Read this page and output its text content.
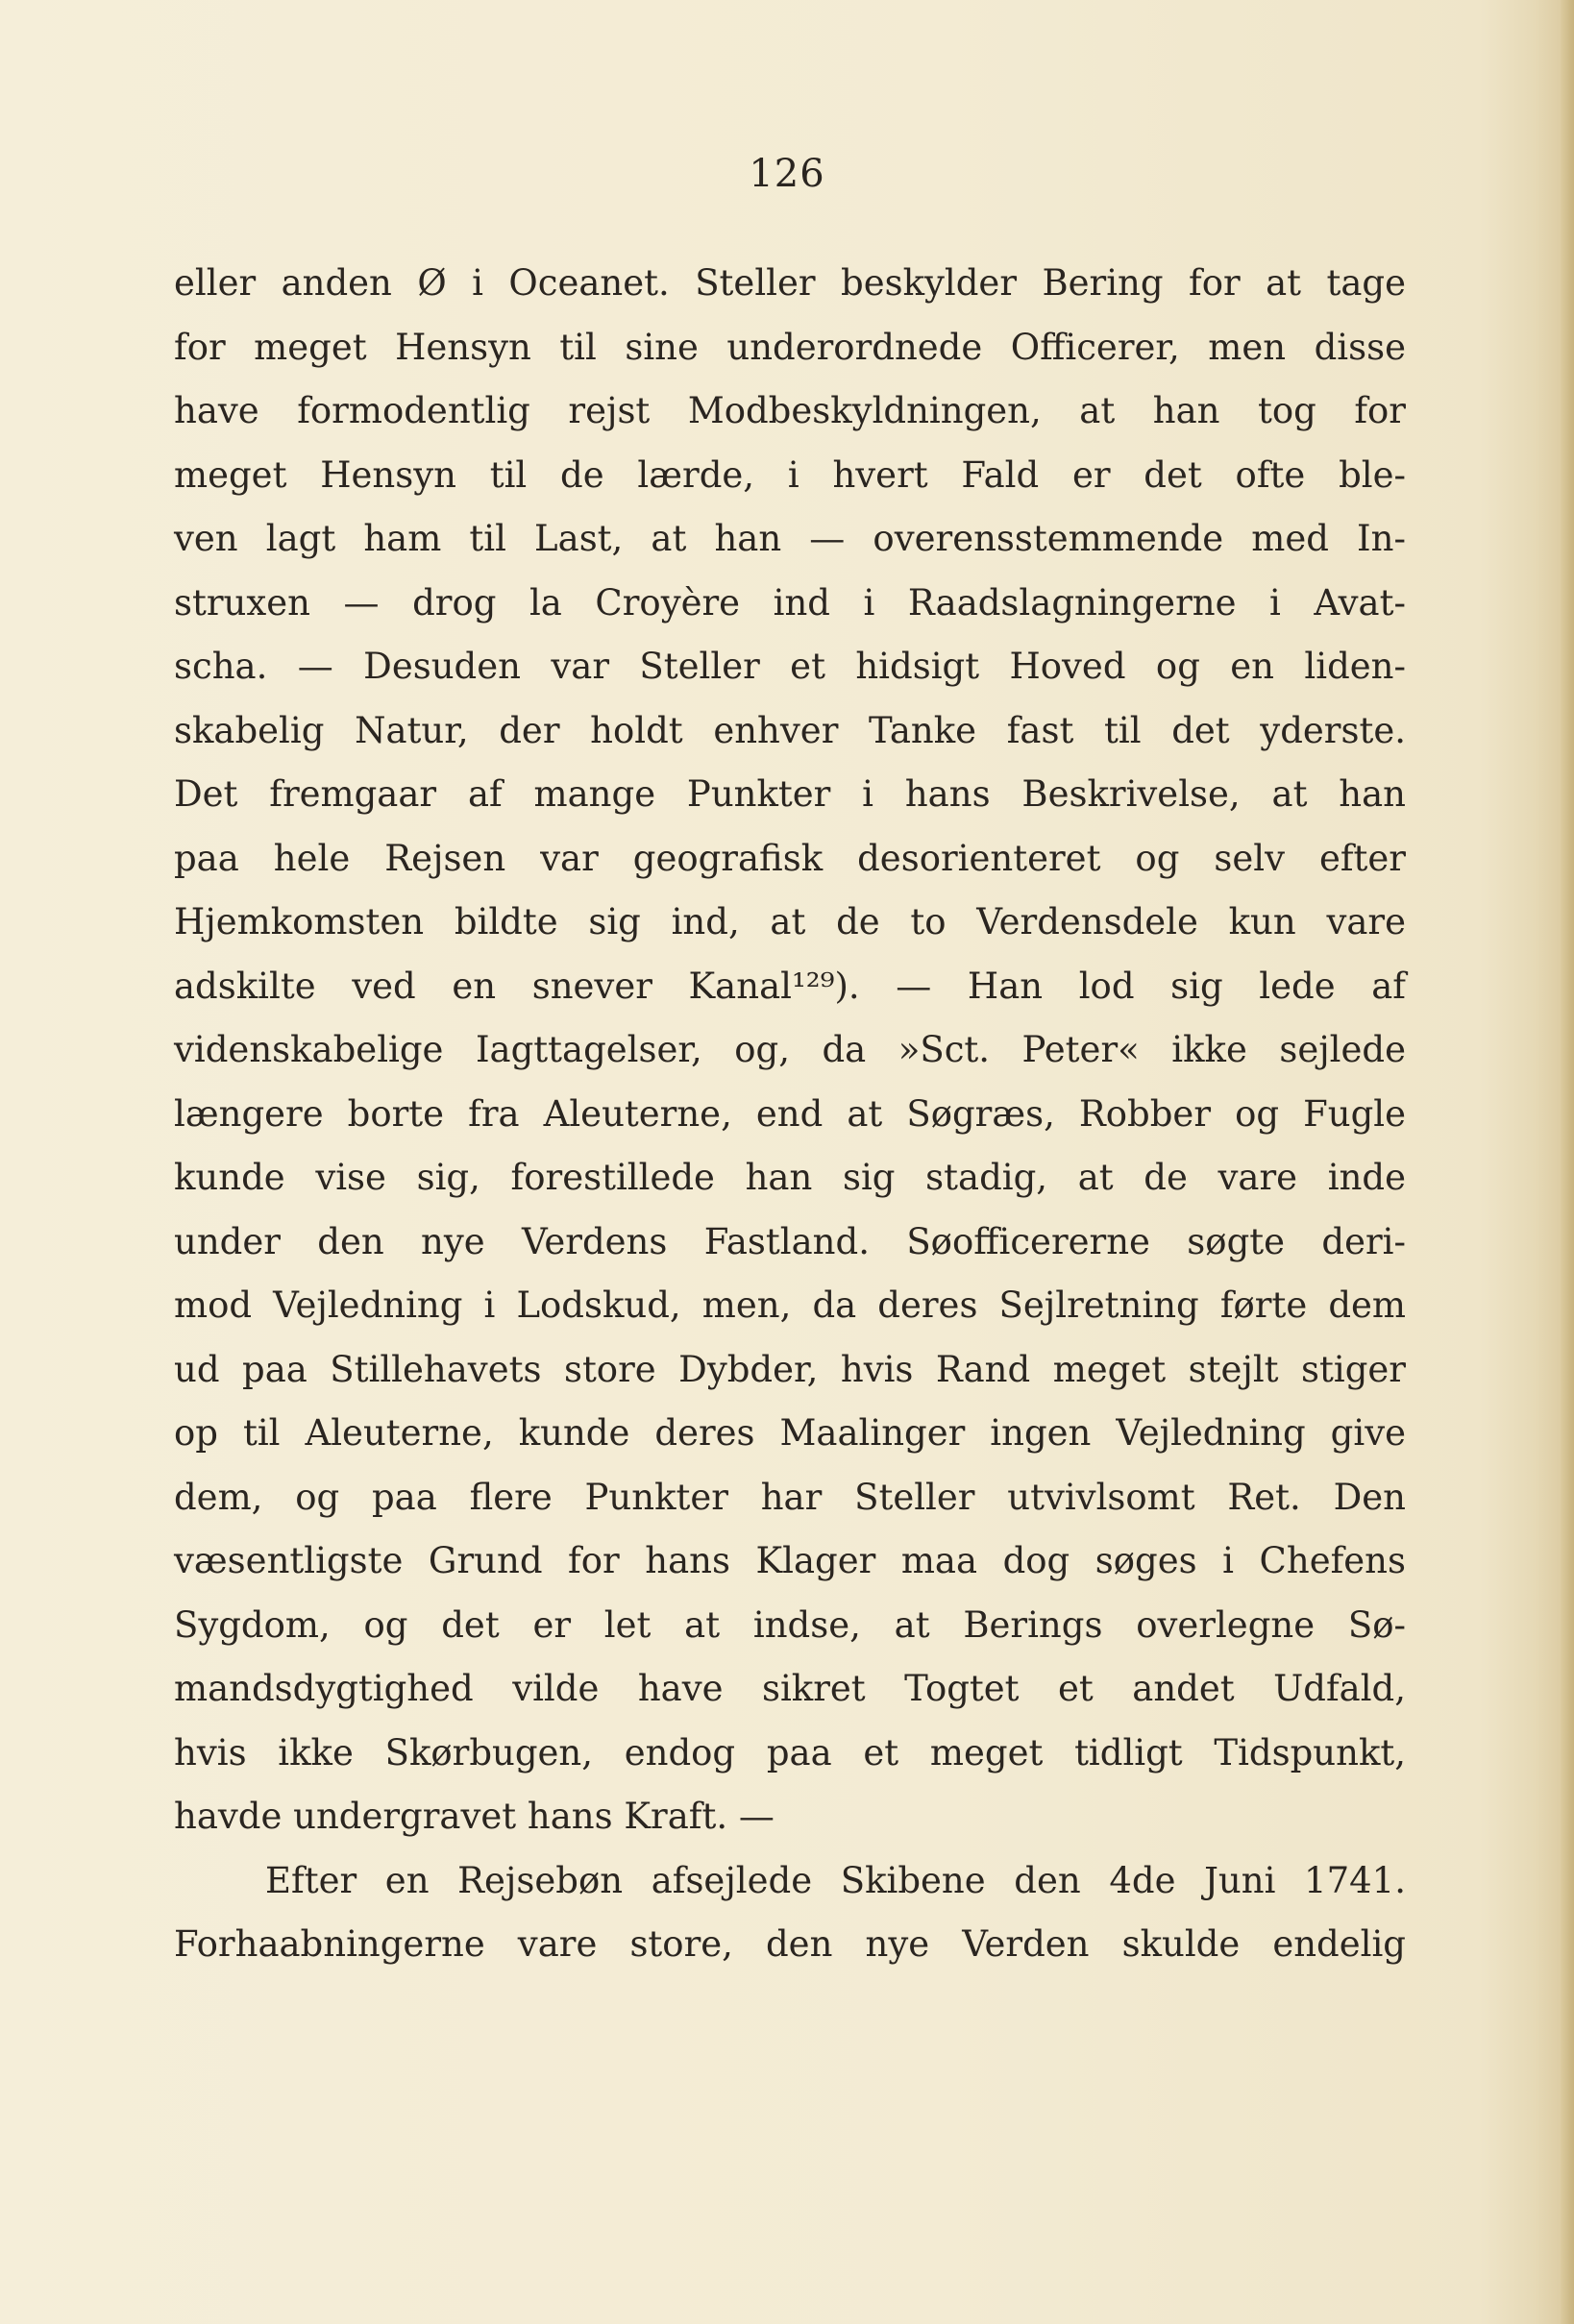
126
eller anden Ø i Oceanet. Steller beskylder Bering for at tage
for meget Hensyn til sine underordnede Officerer, men disse
have formodentlig rejst Modbeskyldningen, at han tog for
meget Hensyn til de lærde, i hvert Fald er det ofte ble-
ven lagt ham til Last, at han — overensstemmende med In-
struxen — drog la Croyère ind i Raadslagningerne i Avat-
scha. — Desuden var Steller et hidsigt Hoved og en liden-
skabelig Natur, der holdt enhver Tanke fast til det yderste.
Det fremgaar af mange Punkter i hans Beskrivelse, at han
paa hele Rejsen var geografisk desorienteret og selv efter
Hjemkomsten bildte sig ind, at de to Verdensdele kun vare
adskilte ved en snever Kanal¹²⁹). — Han lod sig lede af
videnskabelige Iagttagelser, og, da »Sct. Peter« ikke sejlede
længere borte fra Aleuterne, end at Søgræs, Robber og Fugle
kunde vise sig, forestillede han sig stadig, at de vare inde
under den nye Verdens Fastland. Søofficererne søgte deri-
mod Vejledning i Lodskud, men, da deres Sejlretning førte dem
ud paa Stillehavets store Dybder, hvis Rand meget stejlt stiger
op til Aleuterne, kunde deres Maalinger ingen Vejledning give
dem, og paa flere Punkter har Steller utvivlsomt Ret. Den
væsentligste Grund for hans Klager maa dog søges i Chefens
Sygdom, og det er let at indse, at Berings overlegne Sø-
mandsdygtighed vilde have sikret Togtet et andet Udfald,
hvis ikke Skørbugen, endog paa et meget tidligt Tidspunkt,
havde undergravet hans Kraft. —
Efter en Rejsebøn afsejlede Skibene den 4de Juni 1741.
Forhaabningerne vare store, den nye Verden skulde endelig
